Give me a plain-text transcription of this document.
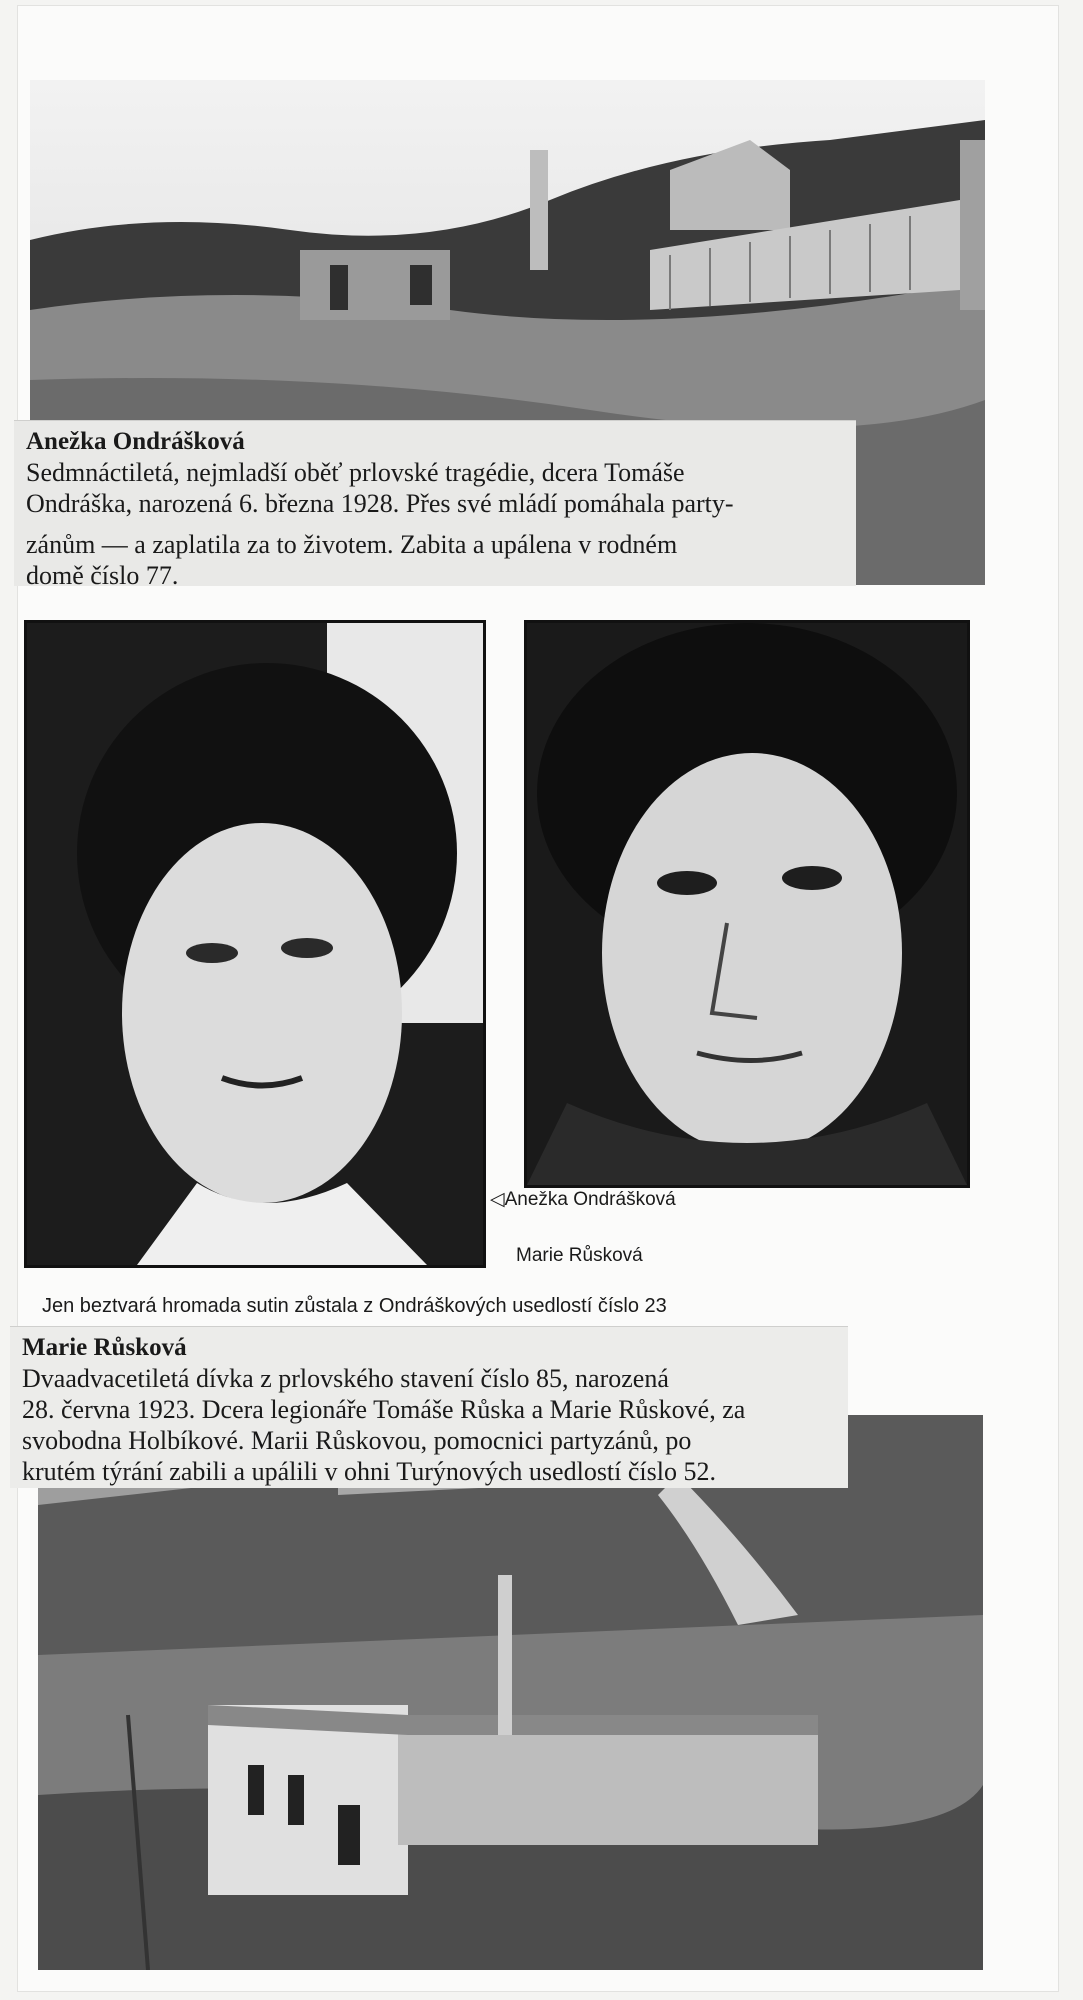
Anežka Ondrášková
Sedmnáctiletá, nejmladší oběť prlovské tragédie, dcera Tomáše
Ondráška, narozená 6. března 1928. Přes své mládí pomáhala party-
zánům — a zaplatila za to životem. Zabita a upálena v rodném
domě číslo 77.
◁Anežka Ondrášková
Marie Růsková
Jen beztvará hromada sutin zůstala z Ondráškových usedlostí číslo 23
Marie Růsková
Dvaadvacetiletá dívka z prlovského stavení číslo 85, narozená
28. června 1923. Dcera legionáře Tomáše Růska a Marie Růskové, za
svobodna Holbíkové. Marii Růskovou, pomocnici partyzánů, po
krutém týrání zabili a upálili v ohni Turýnových usedlostí číslo 52.
